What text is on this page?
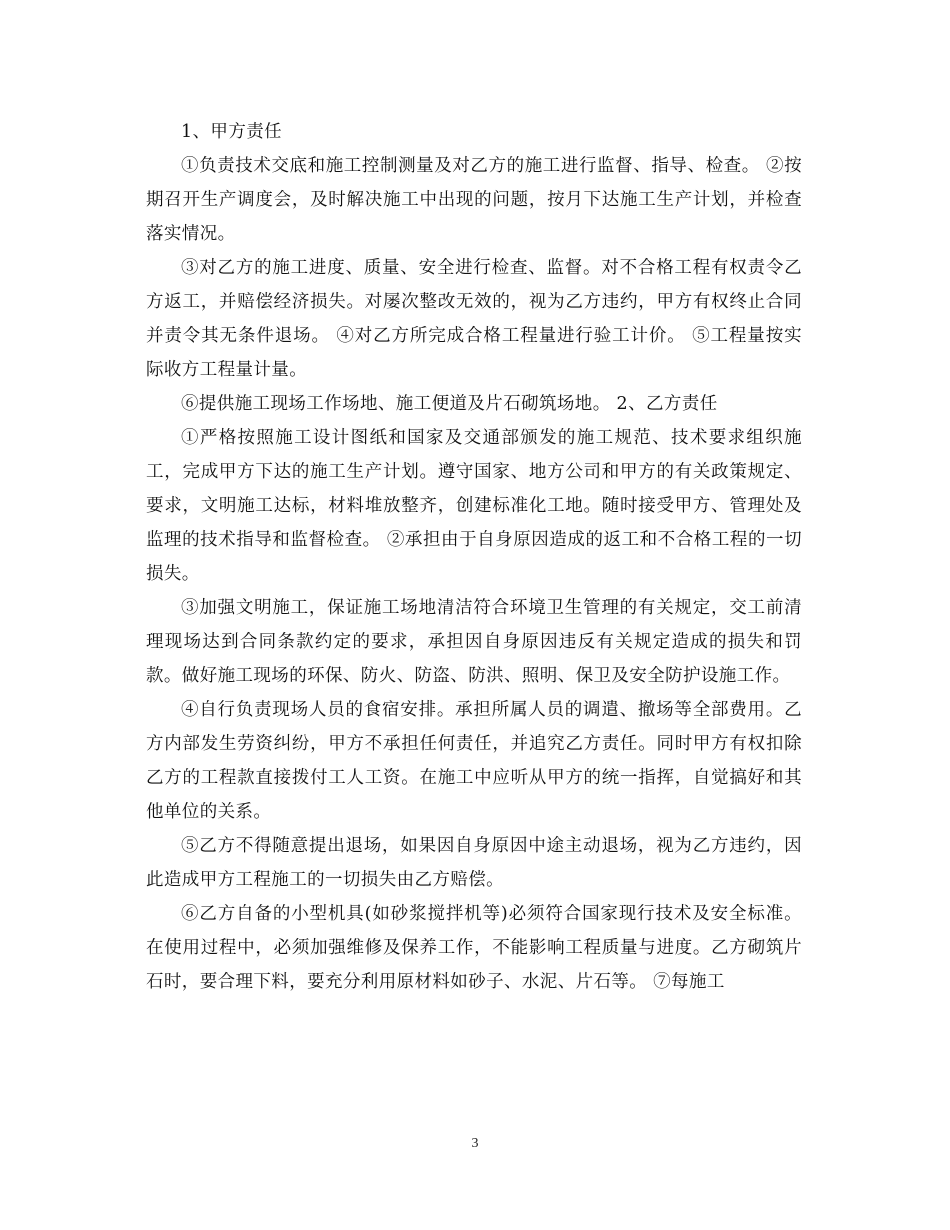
1、甲方责任

①负责技术交底和施工控制测量及对乙方的施工进行监督、指导、检查。 ②按期召开生产调度会，及时解决施工中出现的问题，按月下达施工生产计划，并检查落实情况。

③对乙方的施工进度、质量、安全进行检查、监督。对不合格工程有权责令乙方返工，并赔偿经济损失。对屡次整改无效的，视为乙方违约，甲方有权终止合同并责令其无条件退场。 ④对乙方所完成合格工程量进行验工计价。 ⑤工程量按实际收方工程量计量。

⑥提供施工现场工作场地、施工便道及片石砌筑场地。 2、乙方责任

①严格按照施工设计图纸和国家及交通部颁发的施工规范、技术要求组织施工，完成甲方下达的施工生产计划。遵守国家、地方公司和甲方的有关政策规定、要求，文明施工达标，材料堆放整齐，创建标准化工地。随时接受甲方、管理处及监理的技术指导和监督检查。 ②承担由于自身原因造成的返工和不合格工程的一切损失。

③加强文明施工，保证施工场地清洁符合环境卫生管理的有关规定，交工前清理现场达到合同条款约定的要求，承担因自身原因违反有关规定造成的损失和罚款。做好施工现场的环保、防火、防盗、防洪、照明、保卫及安全防护设施工作。

④自行负责现场人员的食宿安排。承担所属人员的调遣、撤场等全部费用。乙方内部发生劳资纠纷，甲方不承担任何责任，并追究乙方责任。同时甲方有权扣除乙方的工程款直接拨付工人工资。在施工中应听从甲方的统一指挥，自觉搞好和其他单位的关系。

⑤乙方不得随意提出退场，如果因自身原因中途主动退场，视为乙方违约，因此造成甲方工程施工的一切损失由乙方赔偿。

⑥乙方自备的小型机具(如砂浆搅拌机等)必须符合国家现行技术及安全标准。在使用过程中，必须加强维修及保养工作，不能影响工程质量与进度。乙方砌筑片石时，要合理下料，要充分利用原材料如砂子、水泥、片石等。 ⑦每施工

3
